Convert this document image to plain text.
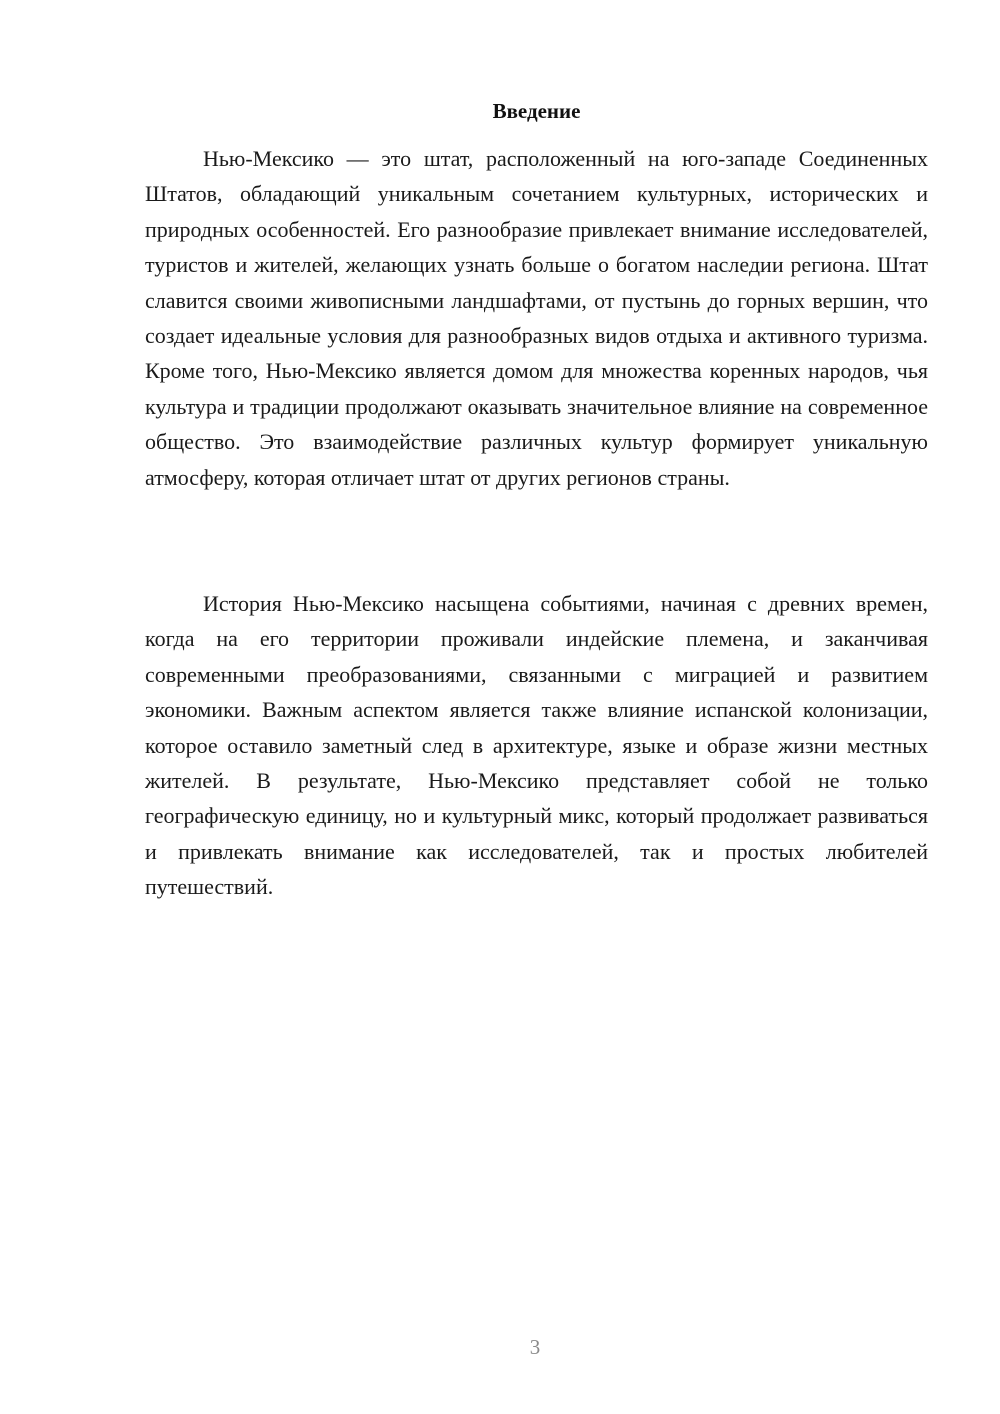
Введение

Нью-Мексико — это штат, расположенный на юго-западе Соединенных Штатов, обладающий уникальным сочетанием культурных, исторических и природных особенностей. Его разнообразие привлекает внимание исследователей, туристов и жителей, желающих узнать больше о богатом наследии региона. Штат славится своими живописными ландшафтами, от пустынь до горных вершин, что создает идеальные условия для разнообразных видов отдыха и активного туризма. Кроме того, Нью-Мексико является домом для множества коренных народов, чья культура и традиции продолжают оказывать значительное влияние на современное общество. Это взаимодействие различных культур формирует уникальную атмосферу, которая отличает штат от других регионов страны.

История Нью-Мексико насыщена событиями, начиная с древних времен, когда на его территории проживали индейские племена, и заканчивая современными преобразованиями, связанными с миграцией и развитием экономики. Важным аспектом является также влияние испанской колонизации, которое оставило заметный след в архитектуре, языке и образе жизни местных жителей. В результате, Нью-Мексико представляет собой не только географическую единицу, но и культурный микс, который продолжает развиваться и привлекать внимание как исследователей, так и простых любителей путешествий.

3
